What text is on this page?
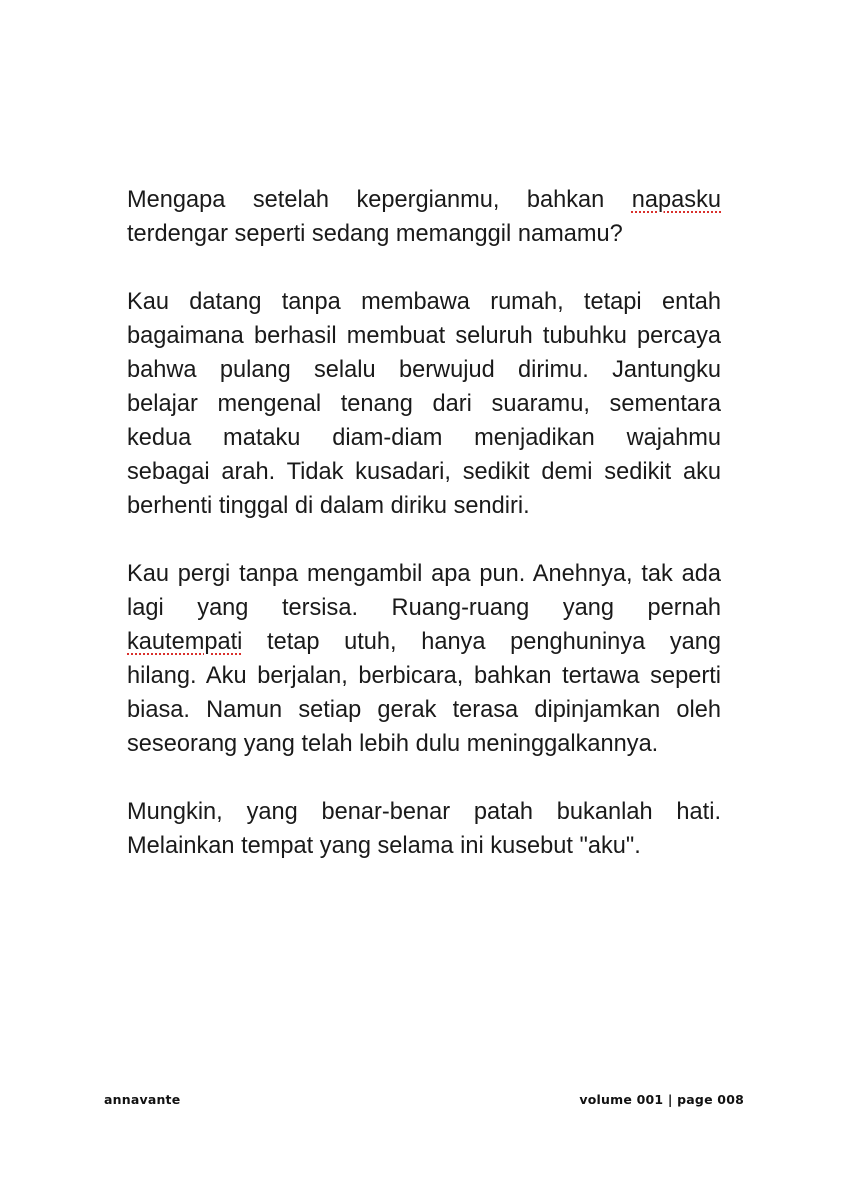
Mengapa setelah kepergianmu, bahkan napasku
terdengar seperti sedang memanggil namamu?

Kau datang tanpa membawa rumah, tetapi entah
bagaimana berhasil membuat seluruh tubuhku percaya
bahwa pulang selalu berwujud dirimu. Jantungku
belajar mengenal tenang dari suaramu, sementara
kedua mataku diam-diam menjadikan wajahmu
sebagai arah. Tidak kusadari, sedikit demi sedikit aku
berhenti tinggal di dalam diriku sendiri.

Kau pergi tanpa mengambil apa pun. Anehnya, tak ada
lagi yang tersisa. Ruang-ruang yang pernah
kautempati tetap utuh, hanya penghuninya yang
hilang. Aku berjalan, berbicara, bahkan tertawa seperti
biasa. Namun setiap gerak terasa dipinjamkan oleh
seseorang yang telah lebih dulu meninggalkannya.

Mungkin, yang benar-benar patah bukanlah hati.
Melainkan tempat yang selama ini kusebut "aku".

annavante	volume 001 | page 008
